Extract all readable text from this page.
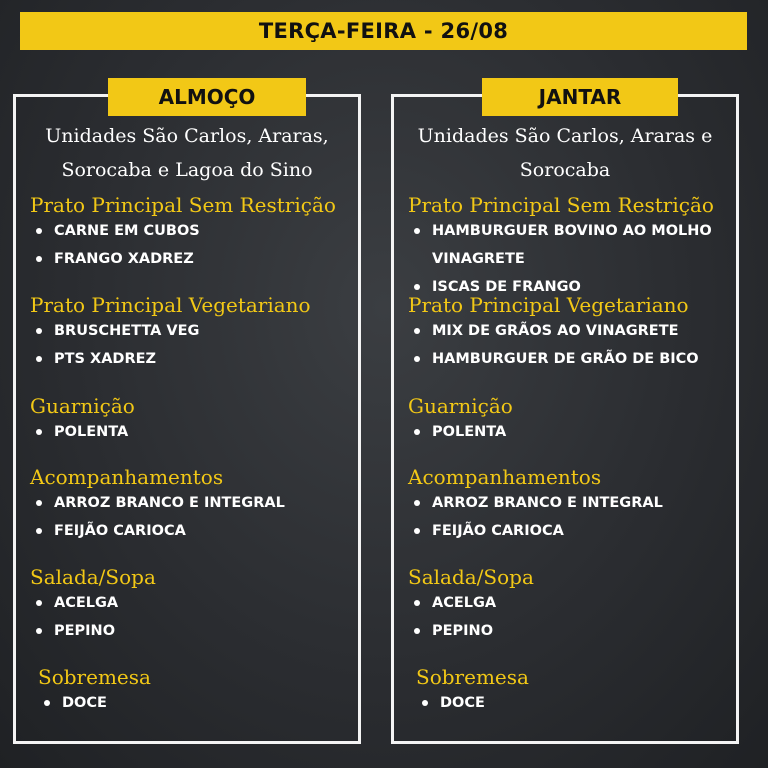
TERÇA-FEIRA - 26/08
ALMOÇO
Unidades São Carlos, Araras,
Sorocaba e Lagoa do Sino
Prato Principal Sem Restrição
CARNE EM CUBOS
FRANGO XADREZ
Prato Principal Vegetariano
BRUSCHETTA VEG
PTS XADREZ
Guarnição
POLENTA
Acompanhamentos
ARROZ BRANCO E INTEGRAL
FEIJÃO CARIOCA
Salada/Sopa
ACELGA
PEPINO
Sobremesa
DOCE
JANTAR
Unidades São Carlos, Araras e
Sorocaba
Prato Principal Sem Restrição
HAMBURGUER BOVINO AO MOLHO
VINAGRETE
ISCAS DE FRANGO
Prato Principal Vegetariano
MIX DE GRÃOS AO VINAGRETE
HAMBURGUER DE GRÃO DE BICO
Guarnição
POLENTA
Acompanhamentos
ARROZ BRANCO E INTEGRAL
FEIJÃO CARIOCA
Salada/Sopa
ACELGA
PEPINO
Sobremesa
DOCE
